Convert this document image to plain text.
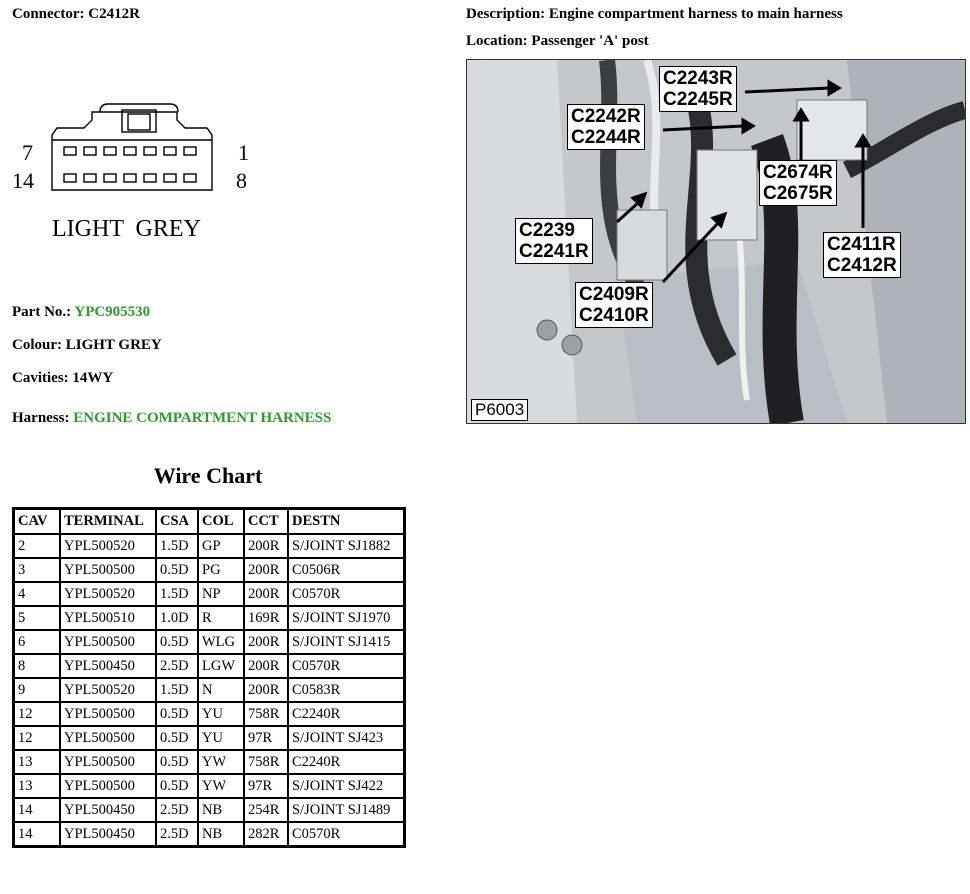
Connector: C2412R	Description: Engine compartment harness to main harness
Location: Passenger 'A' post
7
14
1
8
LIGHT  GREY
Part No.: YPC905530
Colour: LIGHT GREY
Cavities: 14WY
Harness: ENGINE COMPARTMENT HARNESS
Wire Chart
CAV	TERMINAL	CSA	COL	CCT	DESTN
2	YPL500520	1.5D	GP	200R	S/JOINT SJ1882
3	YPL500500	0.5D	PG	200R	C0506R
4	YPL500520	1.5D	NP	200R	C0570R
5	YPL500510	1.0D	R	169R	S/JOINT SJ1970
6	YPL500500	0.5D	WLG	200R	S/JOINT SJ1415
8	YPL500450	2.5D	LGW	200R	C0570R
9	YPL500520	1.5D	N	200R	C0583R
12	YPL500500	0.5D	YU	758R	C2240R
12	YPL500500	0.5D	YU	97R	S/JOINT SJ423
13	YPL500500	0.5D	YW	758R	C2240R
13	YPL500500	0.5D	YW	97R	S/JOINT SJ422
14	YPL500450	2.5D	NB	254R	S/JOINT SJ1489
14	YPL500450	2.5D	NB	282R	C0570R
C2243R
C2245R
C2242R
C2244R
C2674R
C2675R
C2239
C2241R	C2411R
C2412R
C2409R
C2410R
P6003
